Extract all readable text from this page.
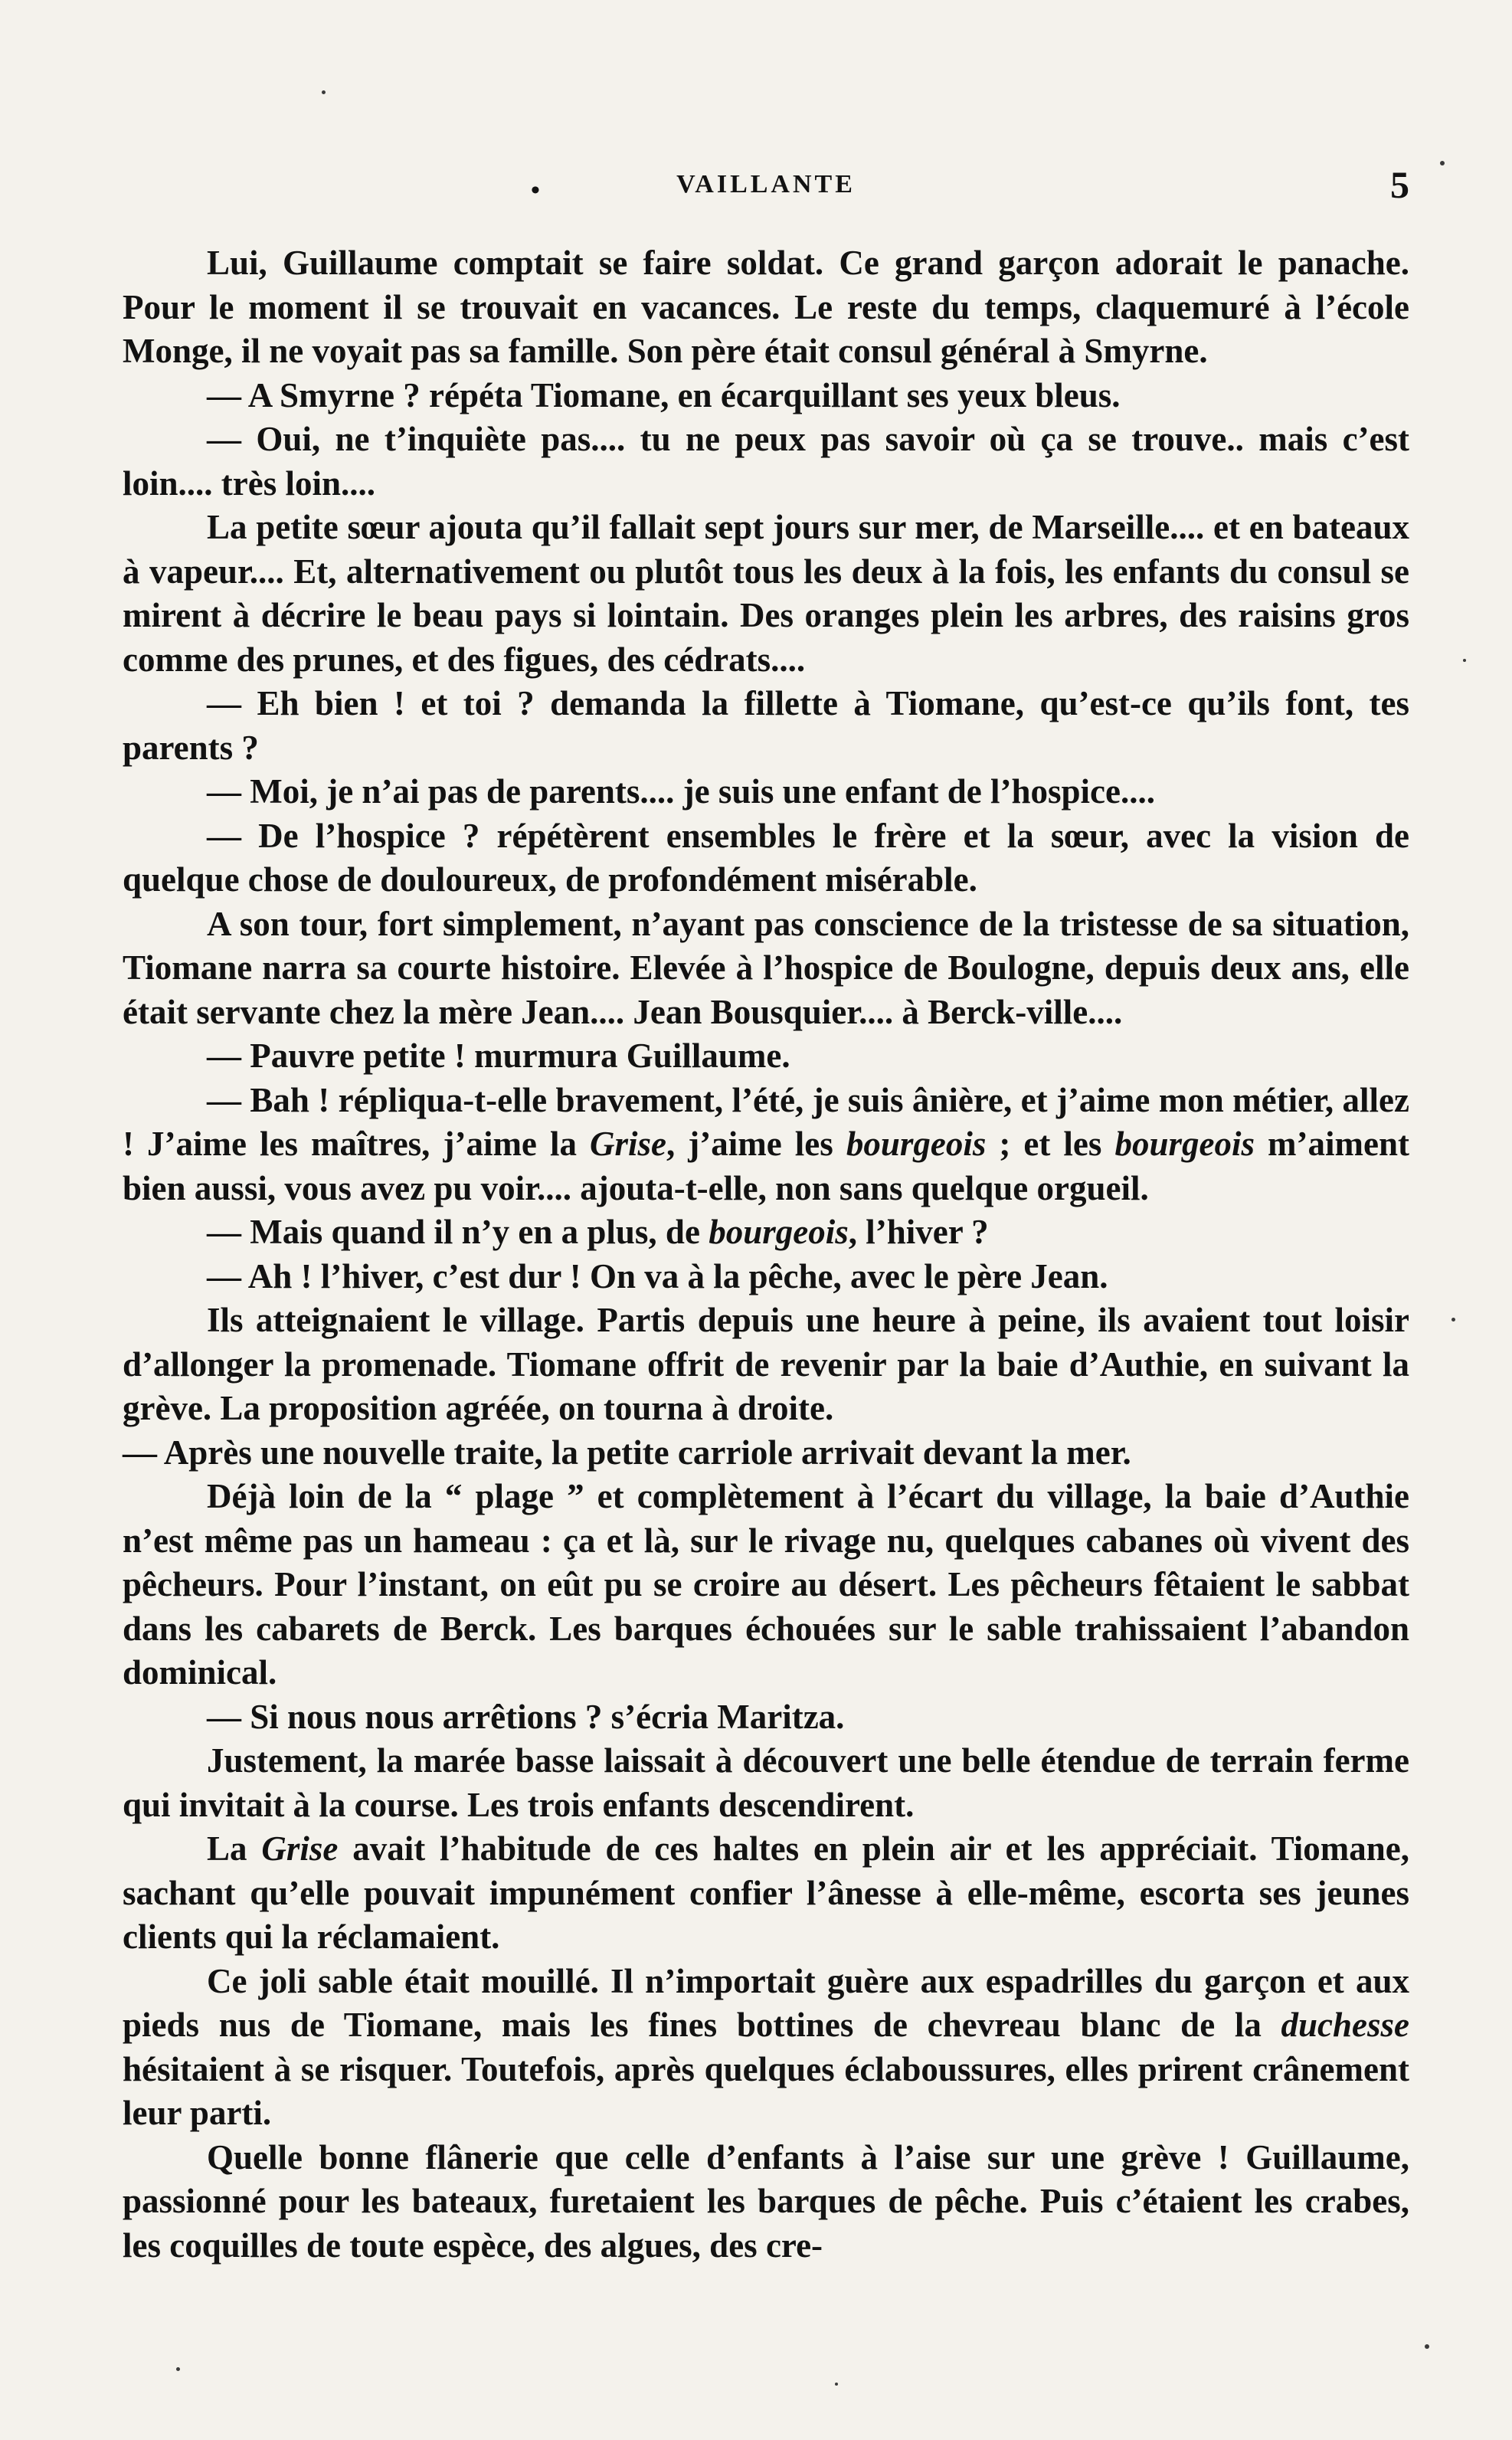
•	VAILLANTE	5

Lui, Guillaume comptait se faire soldat. Ce grand garçon adorait le panache. Pour le moment il se trouvait en vacances. Le reste du temps, claquemuré à l’école Monge, il ne voyait pas sa famille. Son père était consul général à Smyrne.

— A Smyrne ? répéta Tiomane, en écarquillant ses yeux bleus.

— Oui, ne t’inquiète pas.... tu ne peux pas savoir où ça se trouve.. mais c’est loin.... très loin....

La petite sœur ajouta qu’il fallait sept jours sur mer, de Marseille.... et en bateaux à vapeur.... Et, alternativement ou plutôt tous les deux à la fois, les enfants du consul se mirent à décrire le beau pays si lointain. Des oranges plein les arbres, des raisins gros comme des prunes, et des figues, des cédrats....

— Eh bien ! et toi ? demanda la fillette à Tiomane, qu’est-ce qu’ils font, tes parents ?

— Moi, je n’ai pas de parents.... je suis une enfant de l’hospice....

— De l’hospice ? répétèrent ensembles le frère et la sœur, avec la vision de quelque chose de douloureux, de profondément misérable.

A son tour, fort simplement, n’ayant pas conscience de la tristesse de sa situation, Tiomane narra sa courte histoire. Elevée à l’hospice de Boulogne, depuis deux ans, elle était servante chez la mère Jean.... Jean Bousquier.... à Berck-ville....

— Pauvre petite ! murmura Guillaume.

— Bah ! répliqua-t-elle bravement, l’été, je suis ânière, et j’aime mon métier, allez ! J’aime les maîtres, j’aime la Grise, j’aime les bourgeois ; et les bourgeois m’aiment bien aussi, vous avez pu voir.... ajouta-t-elle, non sans quelque orgueil.

— Mais quand il n’y en a plus, de bourgeois, l’hiver ?

— Ah ! l’hiver, c’est dur ! On va à la pêche, avec le père Jean.

Ils atteignaient le village. Partis depuis une heure à peine, ils avaient tout loisir d’allonger la promenade. Tiomane offrit de revenir par la baie d’Authie, en suivant la grève. La proposition agréée, on tourna à droite.

— Après une nouvelle traite, la petite carriole arrivait devant la mer.

Déjà loin de la “ plage ” et complètement à l’écart du village, la baie d’Authie n’est même pas un hameau : ça et là, sur le rivage nu, quelques cabanes où vivent des pêcheurs. Pour l’instant, on eût pu se croire au désert. Les pêcheurs fêtaient le sabbat dans les cabarets de Berck. Les barques échouées sur le sable trahissaient l’abandon dominical.

— Si nous nous arrêtions ? s’écria Maritza.

Justement, la marée basse laissait à découvert une belle étendue de terrain ferme qui invitait à la course. Les trois enfants descendirent.

La Grise avait l’habitude de ces haltes en plein air et les appréciait. Tiomane, sachant qu’elle pouvait impunément confier l’ânesse à elle-même, escorta ses jeunes clients qui la réclamaient.

Ce joli sable était mouillé. Il n’importait guère aux espadrilles du garçon et aux pieds nus de Tiomane, mais les fines bottines de chevreau blanc de la duchesse hésitaient à se risquer. Toutefois, après quelques éclaboussures, elles prirent crânement leur parti.

Quelle bonne flânerie que celle d’enfants à l’aise sur une grève ! Guillaume, passionné pour les bateaux, furetaient les barques de pêche. Puis c’étaient les crabes, les coquilles de toute espèce, des algues, des cre-
